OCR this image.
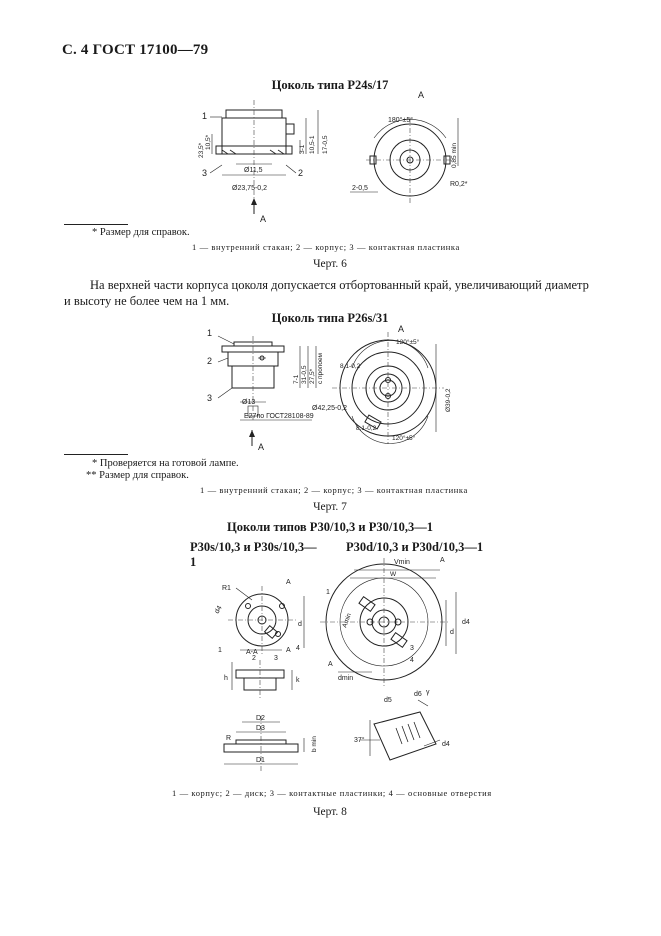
С. 4 ГОСТ 17100—79
Цоколь типа P24s/17
1
3	2
Ø11,5
Ø23,75-0,2
А
23,5*
10,5*	3-1 10,5-1 17-0,5
А
180°±5°
0,85 min
R0,2*
2-0,5
* Размер для справок.
1 — внутренний стакан; 2 — корпус; 3 — контактная пластинка
Черт. 6
На верхней части корпуса цоколя допускается отбортованный край, увеличивающий диаметр
и высоту не более чем на 1 мм.
Цоколь типа P26s/31
1
2
3	Ø13
E27по ГОСТ28108-89
Ø42,25-0,2
А
7-1 31-0,5 27,5* с пропоем
А
120°±5°
8,1-0,2
8,1-0,2
120°±5°
Ø39-0,2
* Проверяется на готовой лампе.
** Размер для справок.
1 — внутренний стакан; 2 — корпус; 3 — контактная пластинка
Черт. 7
Цоколи типов P30/10,3 и P30/10,3—1
P30s/10,3 и P30s/10,3—1
P30d/10,3 и P30d/10,3—1
R1
А
А
d4
d
1
2	3
4
А-А
h	k
D2
D3
D1
R	b min
Vmin
W
А
А
dmin
Amin	d4
d
1
3
4
d5
d6
37°
d4
γ
1 — корпус; 2 — диск; 3 — контактные пластинки; 4 — основные отверстия
Черт. 8
